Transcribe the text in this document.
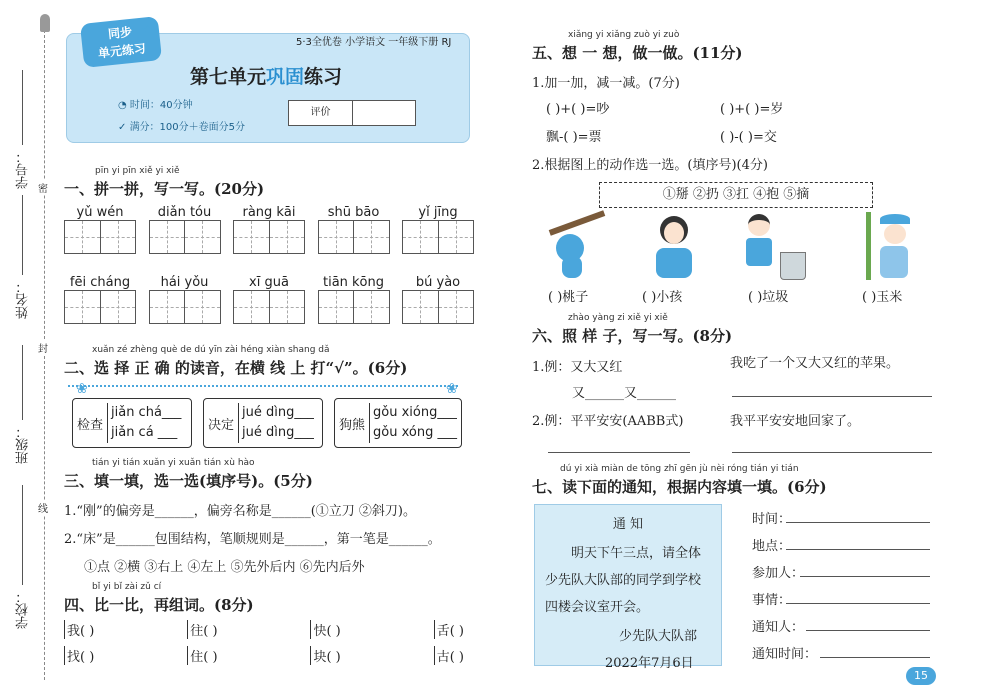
学号：
姓名：
班级：
学校：
密
封
线
同步
单元练习
➶
5·3全优卷 小学语文 一年级下册 RJ
第七单元巩固练习
◔ 时间：40分钟
✓ 满分：100分＋卷面分5分
评价
pīn yi pīn xiě yi xiě
一、拼一拼，写一写。(20分)
yǔ wén	diǎn tóu	ràng kāi	shū bāo	yǐ jīng
fēi cháng	hái yǒu	xī guā	tiān kōng	bú yào
xuǎn zé zhèng què de dú yīn zài héng xiàn shang dǎ
二、选 择 正 确 的读音，在横 线 上 打“√”。(6分)
❀	❀
检查
jiǎn chá___
jiǎn cá ___	决定
jué dìng___
jué dìng___	狗熊
gǒu xióng___
gǒu xóng ___
tián yi tián xuǎn yi xuǎn tián xù hào
三、填一填，选一选(填序号)。(5分)
1.“刚”的偏旁是______，偏旁名称是______(①立刀 ②斜刀)。
2.“床”是______包围结构，笔顺规则是______，第一笔是______。
①点 ②横 ③右上 ④左上 ⑤先外后内 ⑥先内后外
bǐ yi bǐ zài zǔ cí
四、比一比，再组词。(8分)
我( )	往( )	快( )	舌( )
找( )	住( )	块( )	古( )
xiǎng yi xiǎng zuò yi zuò
五、想 一 想，做一做。(11分)
1.加一加，减一减。(7分)
( )+( )=吵	( )+( )=岁
飘-( )=票	( )-( )=交
2.根据图上的动作选一选。(填序号)(4分)
①掰 ②扔 ③扛 ④抱 ⑤摘
( )桃子	( )小孩	( )垃圾	( )玉米
zhào yàng zi xiě yi xiě
六、照 样 子，写一写。(8分)
1.例：又大又红	我吃了一个又大又红的苹果。
又______又______
2.例：平平安安(AABB式)	我平平安安地回家了。
dú yi xià miàn de tōng zhī gēn jù nèi róng tián yi tián
七、读下面的通知，根据内容填一填。(6分)
通 知
明天下午三点，请全体
少先队大队部的同学到学校
四楼会议室开会。
少先队大队部
2022年7月6日
时间：
地点：
参加人：
事情：
通知人：
通知时间：
15
